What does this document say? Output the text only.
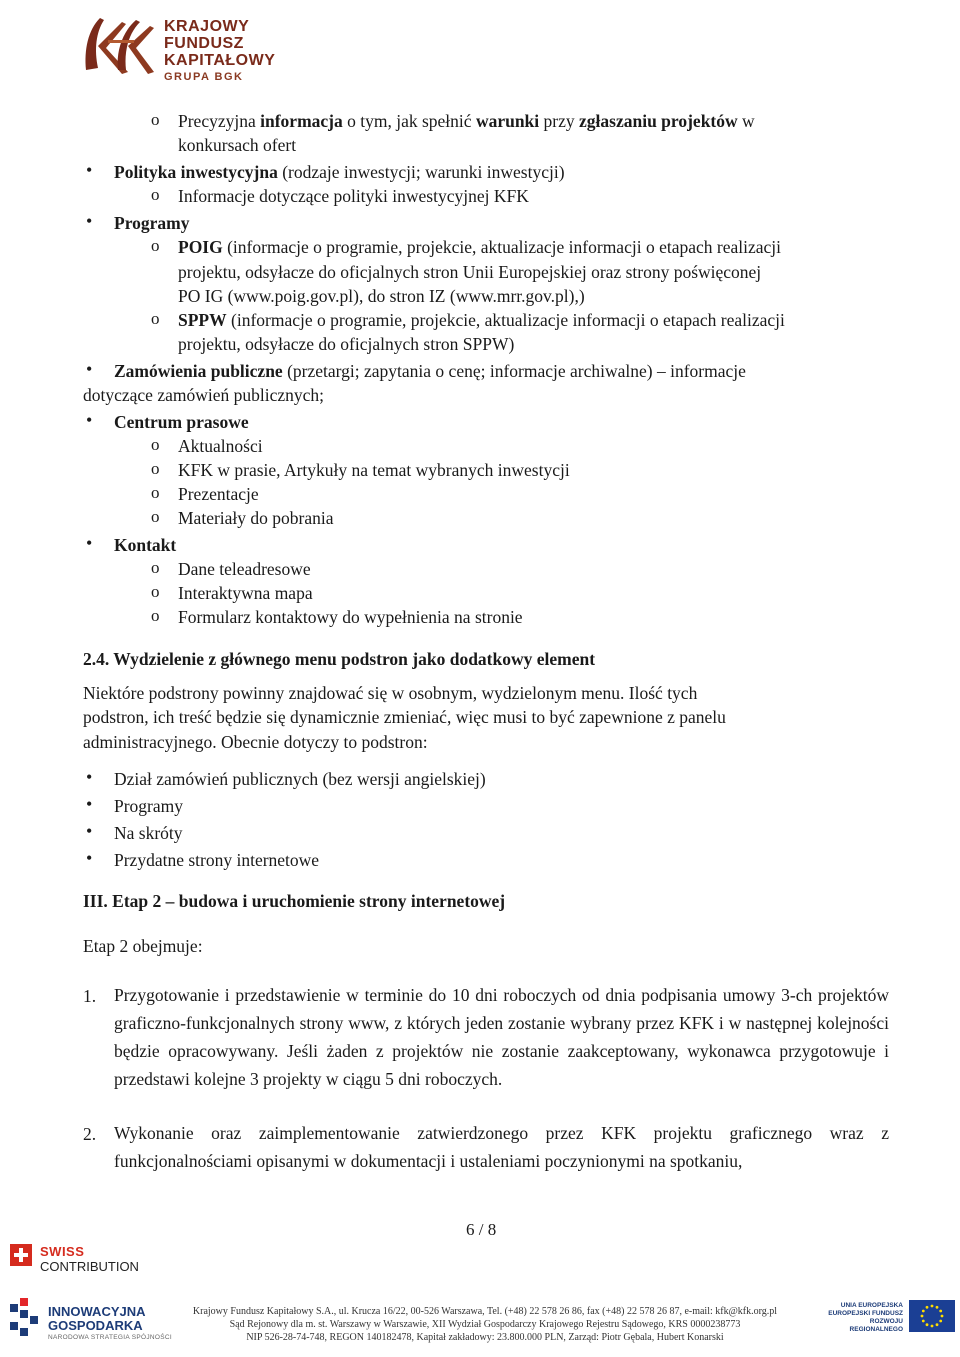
KRAJOWY
FUNDUSZ
KAPITAŁOWY
GRUPA BGK
o Precyzyjna informacja o tym, jak spełnić warunki przy zgłaszaniu projektów w
konkursach ofert
• Polityka inwestycyjna (rodzaje inwestycji; warunki inwestycji)
o Informacje dotyczące polityki inwestycyjnej KFK
• Programy
o POIG (informacje o programie, projekcie, aktualizacje informacji o etapach realizacji
projektu, odsyłacze do oficjalnych stron Unii Europejskiej oraz strony poświęconej
PO IG (www.poig.gov.pl), do stron IZ (www.mrr.gov.pl),)
o SPPW (informacje o programie, projekcie, aktualizacje informacji o etapach realizacji
projektu, odsyłacze do oficjalnych stron SPPW)
• Zamówienia publiczne (przetargi; zapytania o cenę; informacje archiwalne) – informacje
dotyczące zamówień publicznych;
• Centrum prasowe
o Aktualności
o KFK w prasie, Artykuły na temat wybranych inwestycji
o Prezentacje
o Materiały do pobrania
• Kontakt
o Dane teleadresowe
o Interaktywna mapa
o Formularz kontaktowy do wypełnienia na stronie
2.4. Wydzielenie z głównego menu podstron jako dodatkowy element
Niektóre podstrony powinny znajdować się w osobnym, wydzielonym menu. Ilość tych
podstron, ich treść będzie się dynamicznie zmieniać, więc musi to być zapewnione z panelu
administracyjnego. Obecnie dotyczy to podstron:
• Dział zamówień publicznych (bez wersji angielskiej)
• Programy
• Na skróty
• Przydatne strony internetowe
III. Etap 2 – budowa i uruchomienie strony internetowej
Etap 2 obejmuje:
1. Przygotowanie i przedstawienie w terminie do 10 dni roboczych od dnia podpisania umowy 3-ch projektów graficzno-funkcjonalnych strony www, z których jeden zostanie wybrany przez KFK i w następnej kolejności będzie opracowywany. Jeśli żaden z projektów nie zostanie zaakceptowany, wykonawca przygotowuje i przedstawi kolejne 3 projekty w ciągu 5 dni roboczych.

2. Wykonanie oraz zaimplementowanie zatwierdzonego przez KFK projektu graficznego wraz z funkcjonalnościami opisanymi w dokumentacji i ustaleniami poczynionymi na spotkaniu,

6 / 8
SWISS
CONTRIBUTION
INNOWACYJNA
GOSPODARKA
NARODOWA STRATEGIA SPÓJNOŚCI
Krajowy Fundusz Kapitałowy S.A., ul. Krucza 16/22, 00-526 Warszawa, Tel. (+48) 22 578 26 86, fax (+48) 22 578 26 87, e-mail: kfk@kfk.org.pl
Sąd Rejonowy dla m. st. Warszawy w Warszawie, XII Wydział Gospodarczy Krajowego Rejestru Sądowego, KRS 0000238773
NIP 526-28-74-748, REGON 140182478, Kapitał zakładowy: 23.800.000 PLN, Zarząd: Piotr Gębala, Hubert Konarski
UNIA EUROPEJSKA
EUROPEJSKI FUNDUSZ
ROZWOJU REGIONALNEGO
